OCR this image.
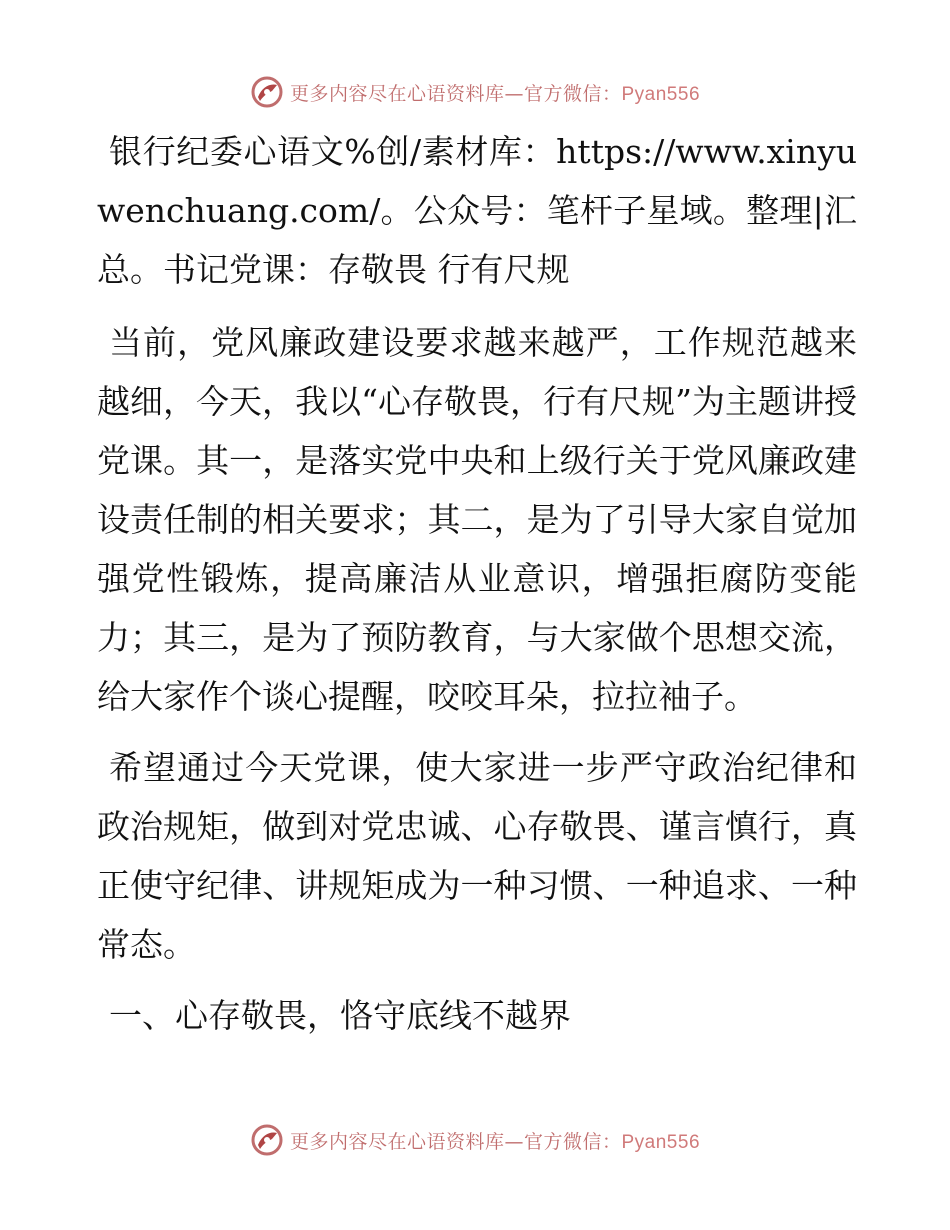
更多内容尽在心语资料库—官方微信：Pyan556

银行纪委心语文%创/素材库：https://www.xinyuwenchuang.com/。公众号：笔杆子星域。整理|汇总。书记党课：存敬畏 行有尺规

当前，党风廉政建设要求越来越严，工作规范越来越细，今天，我以“心存敬畏，行有尺规”为主题讲授党课。其一，是落实党中央和上级行关于党风廉政建设责任制的相关要求；其二，是为了引导大家自觉加强党性锻炼，提高廉洁从业意识，增强拒腐防变能力；其三，是为了预防教育，与大家做个思想交流，给大家作个谈心提醒，咬咬耳朵，拉拉袖子。

希望通过今天党课，使大家进一步严守政治纪律和政治规矩，做到对党忠诚、心存敬畏、谨言慎行，真正使守纪律、讲规矩成为一种习惯、一种追求、一种常态。

一、心存敬畏，恪守底线不越界

更多内容尽在心语资料库—官方微信：Pyan556
